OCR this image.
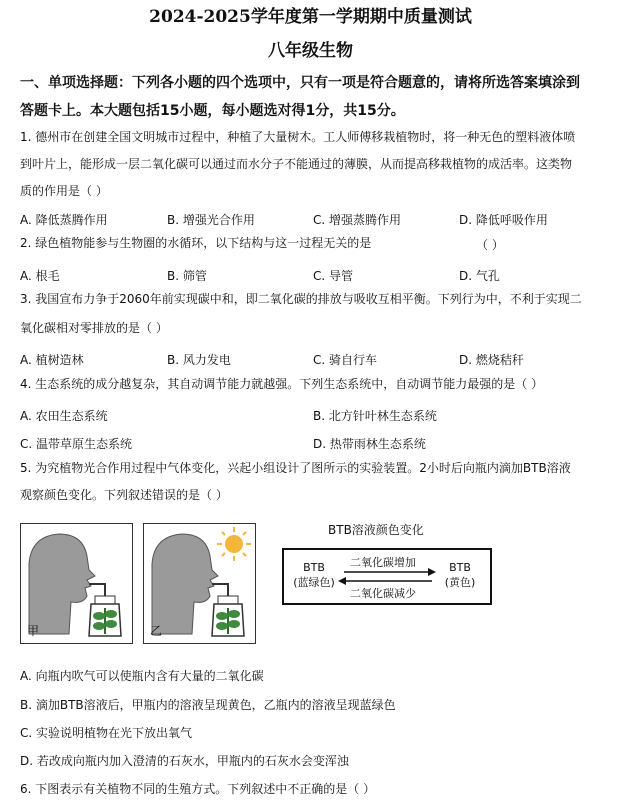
2024-2025学年度第一学期期中质量测试
八年级生物
一、单项选择题：下列各小题的四个选项中，只有一项是符合题意的，请将所选答案填涂到
答题卡上。本大题包括15小题，每小题选对得1分，共15分。
1. 德州市在创建全国文明城市过程中，种植了大量树木。工人师傅移栽植物时，将一种无色的塑料液体喷
到叶片上，能形成一层二氧化碳可以通过而水分子不能通过的薄膜，从而提高移栽植物的成活率。这类物
质的作用是（ ）
A. 降低蒸腾作用	B. 增强光合作用	C. 增强蒸腾作用	D. 降低呼吸作用
2. 绿色植物能参与生物圈的水循环，以下结构与这一过程无关的是	（ ）
A. 根毛	B. 筛管	C. 导管	D. 气孔
3. 我国宣布力争于2060年前实现碳中和，即二氧化碳的排放与吸收互相平衡。下列行为中，不利于实现二
氧化碳相对零排放的是（ ）
A. 植树造林	B. 风力发电	C. 骑自行车	D. 燃烧秸秆
4. 生态系统的成分越复杂，其自动调节能力就越强。下列生态系统中，自动调节能力最强的是（ ）
A. 农田生态系统	B. 北方针叶林生态系统
C. 温带草原生态系统	D. 热带雨林生态系统
5. 为究植物光合作用过程中气体变化，兴起小组设计了图所示的实验装置。2小时后向瓶内滴加BTB溶液
观察颜色变化。下列叙述错误的是（ ）
甲	乙
BTB溶液颜色变化
BTB
(蓝绿色)
BTB
(黄色)
二氧化碳增加
二氧化碳减少
A. 向瓶内吹气可以使瓶内含有大量的二氧化碳
B. 滴加BTB溶液后，甲瓶内的溶液呈现黄色，乙瓶内的溶液呈现蓝绿色
C. 实验说明植物在光下放出氧气
D. 若改成向瓶内加入澄清的石灰水，甲瓶内的石灰水会变浑浊
6. 下图表示有关植物不同的生殖方式。下列叙述中不正确的是（ ）
